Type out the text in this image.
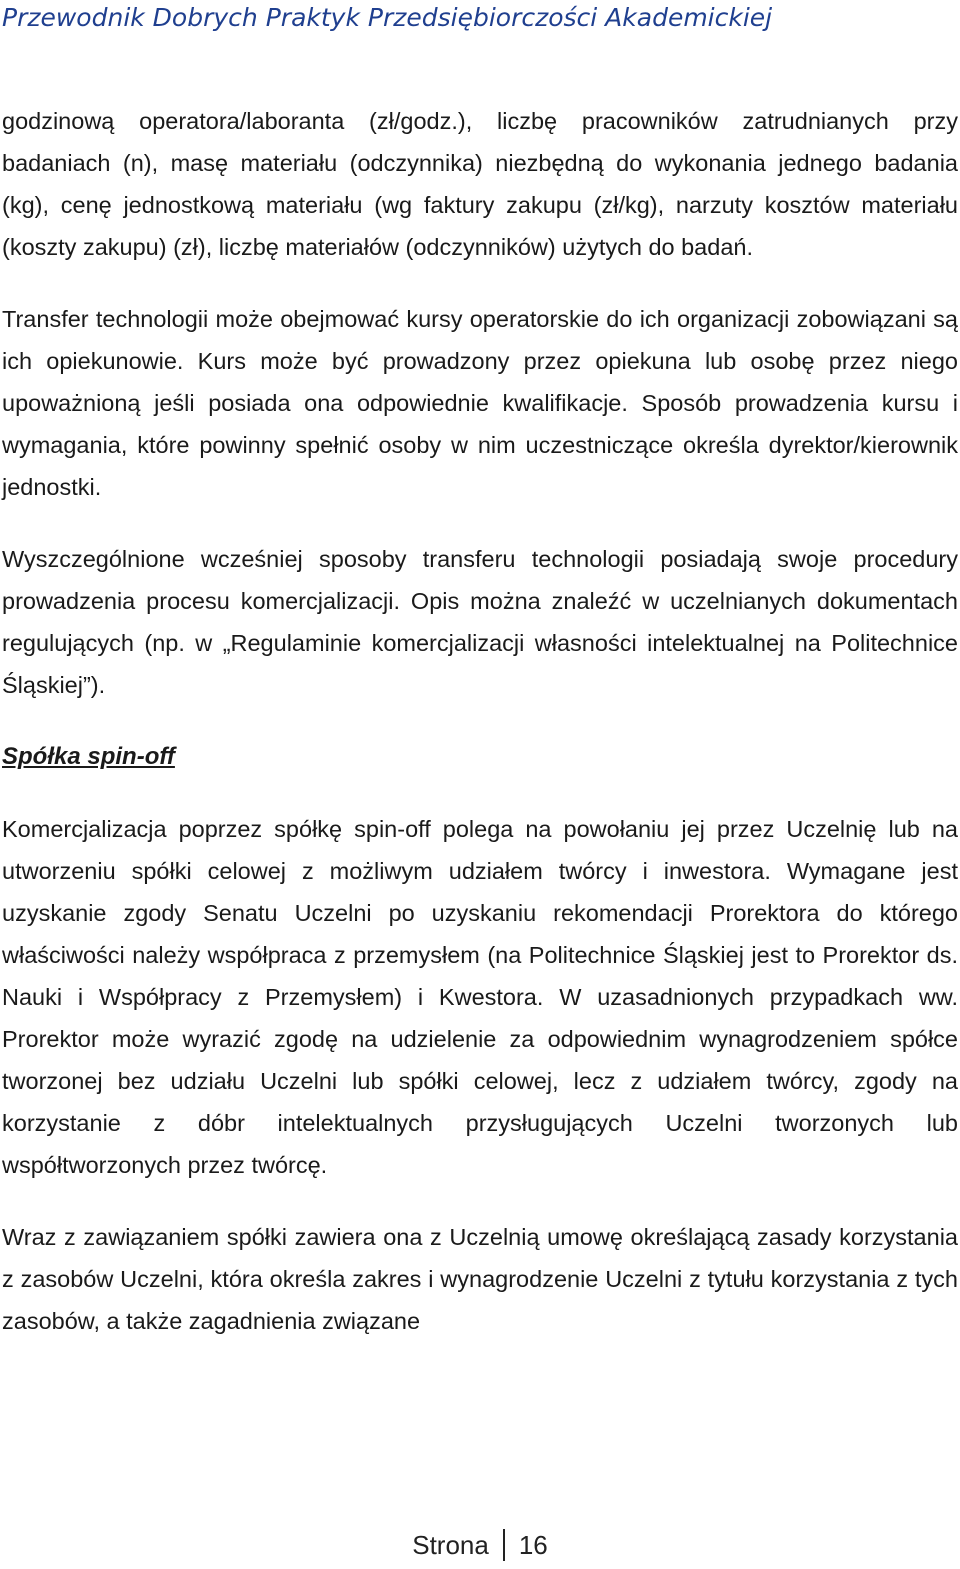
Przewodnik Dobrych Praktyk Przedsiębiorczości Akademickiej

godzinową operatora/laboranta (zł/godz.), liczbę pracowników zatrudnianych przy badaniach (n), masę materiału (odczynnika) niezbędną do wykonania jednego badania (kg), cenę jednostkową materiału (wg faktury zakupu (zł/kg), narzuty kosztów materiału (koszty zakupu) (zł), liczbę materiałów (odczynników) użytych do badań.

Transfer technologii może obejmować kursy operatorskie do ich organizacji zobowiązani są ich opiekunowie. Kurs może być prowadzony przez opiekuna lub osobę przez niego upoważnioną jeśli posiada ona odpowiednie kwalifikacje. Sposób prowadzenia kursu i wymagania, które powinny spełnić osoby w nim uczestniczące określa dyrektor/kierownik jednostki.

Wyszczególnione wcześniej sposoby transferu technologii posiadają swoje procedury prowadzenia procesu komercjalizacji. Opis można znaleźć w uczelnianych dokumentach regulujących (np. w „Regulaminie komercjalizacji własności intelektualnej na Politechnice Śląskiej”).

Spółka spin-off

Komercjalizacja poprzez spółkę spin-off polega na powołaniu jej przez Uczelnię lub na utworzeniu spółki celowej z możliwym udziałem twórcy i inwestora. Wymagane jest uzyskanie zgody Senatu Uczelni po uzyskaniu rekomendacji Prorektora do którego właściwości należy współpraca z przemysłem (na Politechnice Śląskiej jest to Prorektor ds. Nauki i Współpracy z Przemysłem) i Kwestora. W uzasadnionych przypadkach ww. Prorektor może wyrazić zgodę na udzielenie za odpowiednim wynagrodzeniem spółce tworzonej bez udziału Uczelni lub spółki celowej, lecz z udziałem twórcy, zgody na korzystanie z dóbr intelektualnych przysługujących Uczelni tworzonych lub współtworzonych przez twórcę.

Wraz z zawiązaniem spółki zawiera ona z Uczelnią umowę określającą zasady korzystania z zasobów Uczelni, która określa zakres i wynagrodzenie Uczelni z tytułu korzystania z tych zasobów, a także zagadnienia związane

Strona 16
